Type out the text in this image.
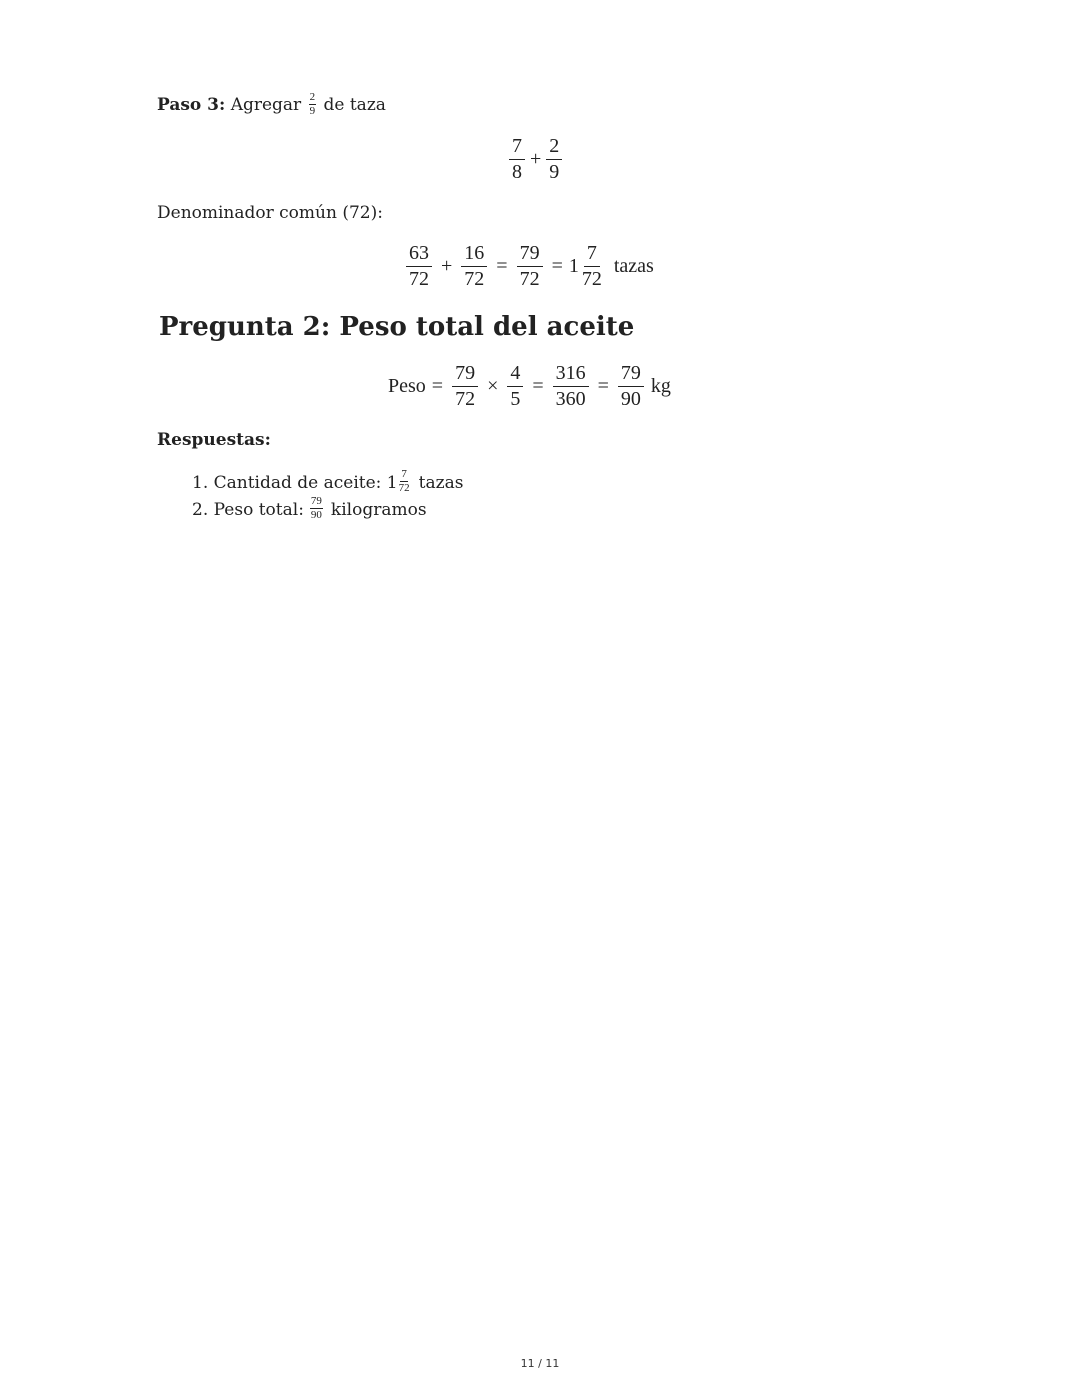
Paso 3: Agregar $\frac{2}{9}$ de taza
$\frac{7}{8} + \frac{2}{9}$
Denominador común (72):
$\frac{63}{72} + \frac{16}{72} = \frac{79}{72} = 1 \frac{7}{72}$ tazas
Pregunta 2: Peso total del aceite
Peso = $\frac{79}{72} \times \frac{4}{5} = \frac{316}{360} = \frac{79}{90}$ kg
Respuestas:
1. Cantidad de aceite: $1 \frac{7}{72}$ tazas
2. Peso total: $\frac{79}{90}$ kilogramos
11 / 11
